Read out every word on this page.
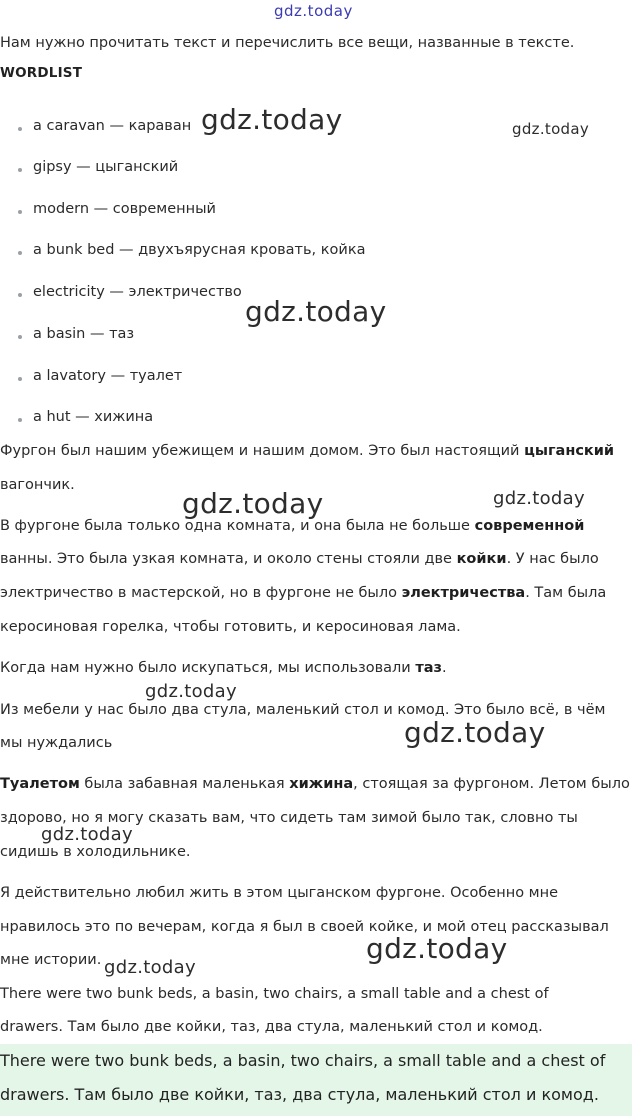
gdz.today
Нам нужно прочитать текст и перечислить все вещи, названные в тексте.
WORDLIST
a caravan — караван
gipsy — цыганский
modern — современный
a bunk bed — двухъярусная кровать, койка
electricity — электричество
a basin — таз
a lavatory — туалет
a hut — хижина
Фургон был нашим убежищем и нашим домом. Это был настоящий цыганский
вагончик.
В фургоне была только одна комната, и она была не больше современной
ванны. Это была узкая комната, и около стены стояли две койки. У нас было
электричество в мастерской, но в фургоне не было электричества. Там была
керосиновая горелка, чтобы готовить, и керосиновая лама.
Когда нам нужно было искупаться, мы использовали таз.
Из мебели у нас было два стула, маленький стол и комод. Это было всё, в чём
мы нуждались
Туалетом была забавная маленькая хижина, стоящая за фургоном. Летом было
здорово, но я могу сказать вам, что сидеть там зимой было так, словно ты
сидишь в холодильнике.
Я действительно любил жить в этом цыганском фургоне. Особенно мне
нравилось это по вечерам, когда я был в своей койке, и мой отец рассказывал
мне истории.
There were two bunk beds, a basin, two chairs, a small table and a chest of
drawers. Там было две койки, таз, два стула, маленький стол и комод.
There were two bunk beds, a basin, two chairs, a small table and a chest of
drawers. Там было две койки, таз, два стула, маленький стол и комод.
gdz.today	gdz.today
gdz.today
gdz.today	gdz.today
gdz.today
gdz.today
gdz.today
gdz.today
gdz.today
